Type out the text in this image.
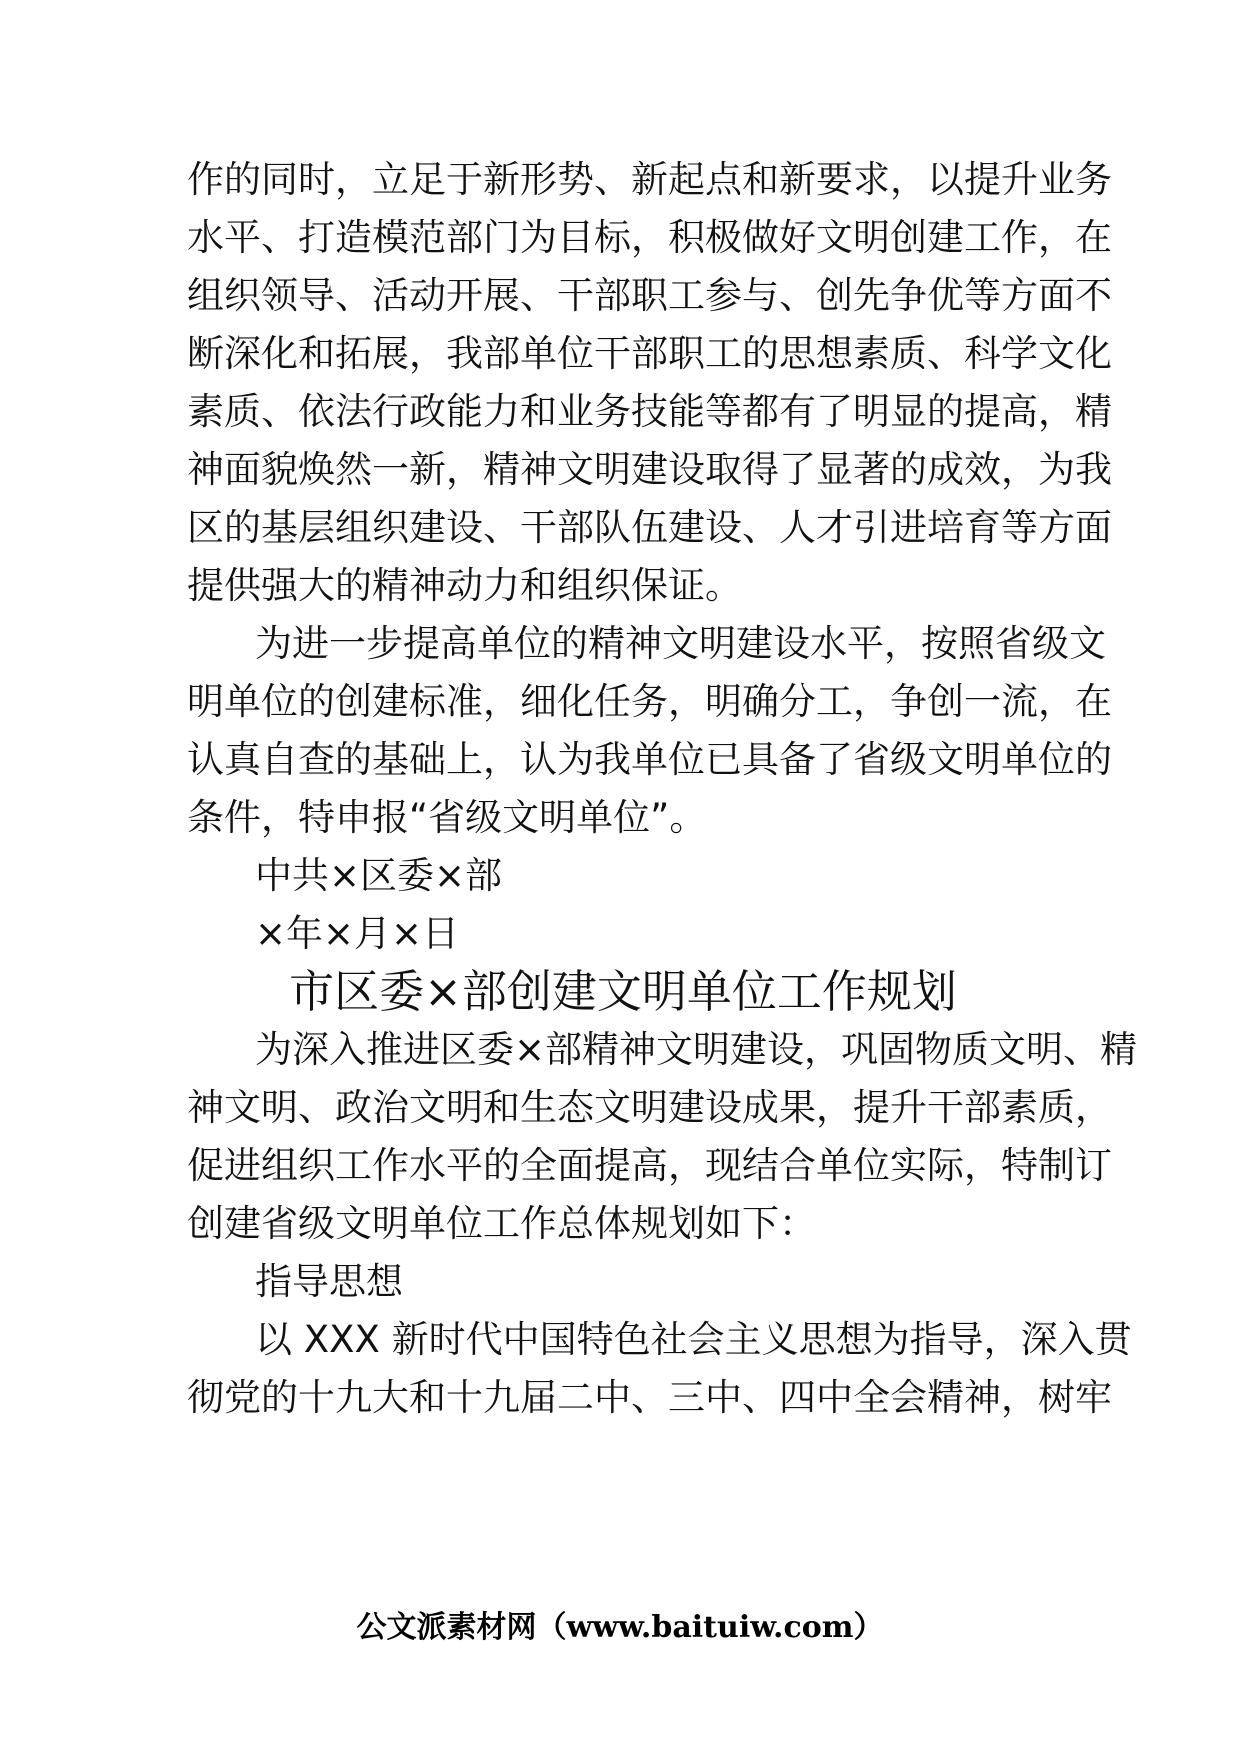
作的同时，立足于新形势、新起点和新要求，以提升业务
水平、打造模范部门为目标，积极做好文明创建工作，在
组织领导、活动开展、干部职工参与、创先争优等方面不
断深化和拓展，我部单位干部职工的思想素质、科学文化
素质、依法行政能力和业务技能等都有了明显的提高，精
神面貌焕然一新，精神文明建设取得了显著的成效，为我
区的基层组织建设、干部队伍建设、人才引进培育等方面
提供强大的精神动力和组织保证。
为进一步提高单位的精神文明建设水平，按照省级文
明单位的创建标准，细化任务，明确分工，争创一流，在
认真自查的基础上，认为我单位已具备了省级文明单位的
条件，特申报“省级文明单位”。
中共×区委×部
×年×月×日
市区委×部创建文明单位工作规划
为深入推进区委×部精神文明建设，巩固物质文明、精
神文明、政治文明和生态文明建设成果，提升干部素质，
促进组织工作水平的全面提高，现结合单位实际，特制订
创建省级文明单位工作总体规划如下：
指导思想
以 XXX 新时代中国特色社会主义思想为指导，深入贯
彻党的十九大和十九届二中、三中、四中全会精神，树牢
公文派素材网（www.baituiw.com）
